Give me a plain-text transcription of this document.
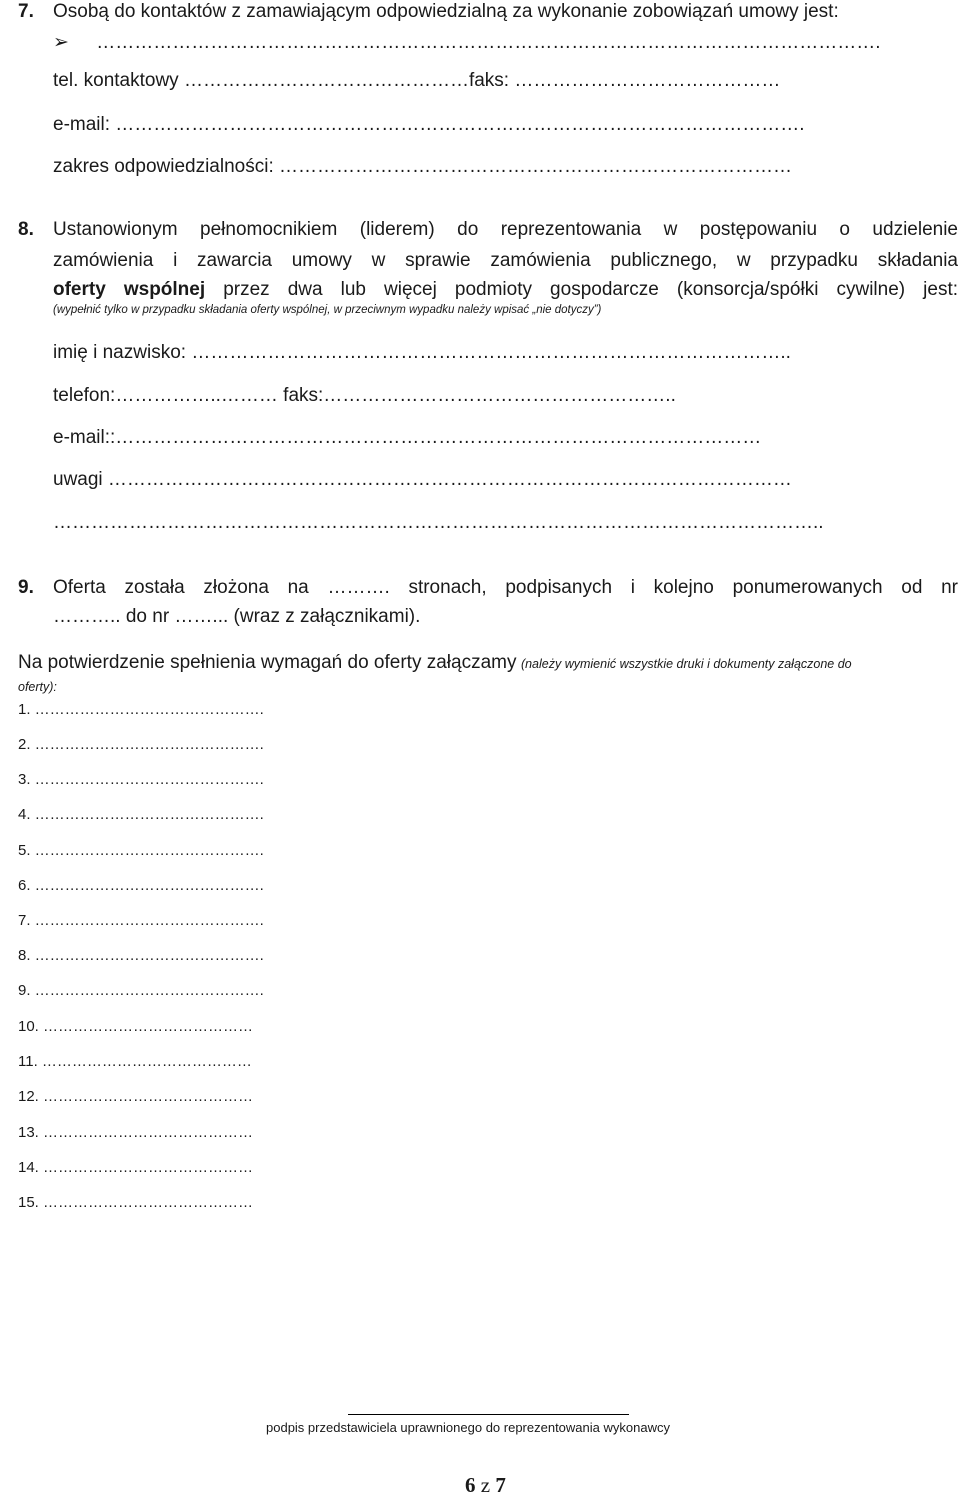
7. Osobą do kontaktów z zamawiającym odpowiedzialną za wykonanie zobowiązań umowy jest:
➢ …………………………………………………………………………………………………………….
tel. kontaktowy ………………………………………faks: ……………………………………
e-mail: ……………………………………………………………………………………………….
zakres odpowiedzialności: ………………………………………………………………………
8. Ustanowionym pełnomocnikiem (liderem) do reprezentowania w postępowaniu o udzielenie
zamówienia i zawarcia umowy w sprawie zamówienia publicznego, w przypadku składania
oferty wspólnej przez dwa lub więcej podmioty gospodarcze (konsorcja/spółki cywilne) jest:
(wypełnić tylko w przypadku składania oferty wspólnej, w przeciwnym wypadku należy wpisać „nie dotyczy”)
imię i nazwisko: …………………………………………………………………………………..
telefon:……………..……… faks:………………………………………………..
e-mail::…………………………………………………………………………………………
uwagi ………………………………………………………………………………………………
…………………………………………………………………………………………………………..
9. Oferta została złożona na ………. stronach, podpisanych i kolejno ponumerowanych od nr
……….. do nr ……... (wraz z załącznikami).
Na potwierdzenie spełnienia wymagań do oferty załączamy (należy wymienić wszystkie druki i dokumenty załączone do
oferty):
1. ……………………………………….
2. ……………………………………….
3. ……………………………………….
4. ……………………………………….
5. ……………………………………….
6. ……………………………………….
7. ……………………………………….
8. ……………………………………….
9. ……………………………………….
10. ……………………………………
11. ……………………………………
12. ……………………………………
13. ……………………………………
14. ……………………………………
15. ……………………………………
podpis przedstawiciela uprawnionego do reprezentowania wykonawcy
6 z 7
